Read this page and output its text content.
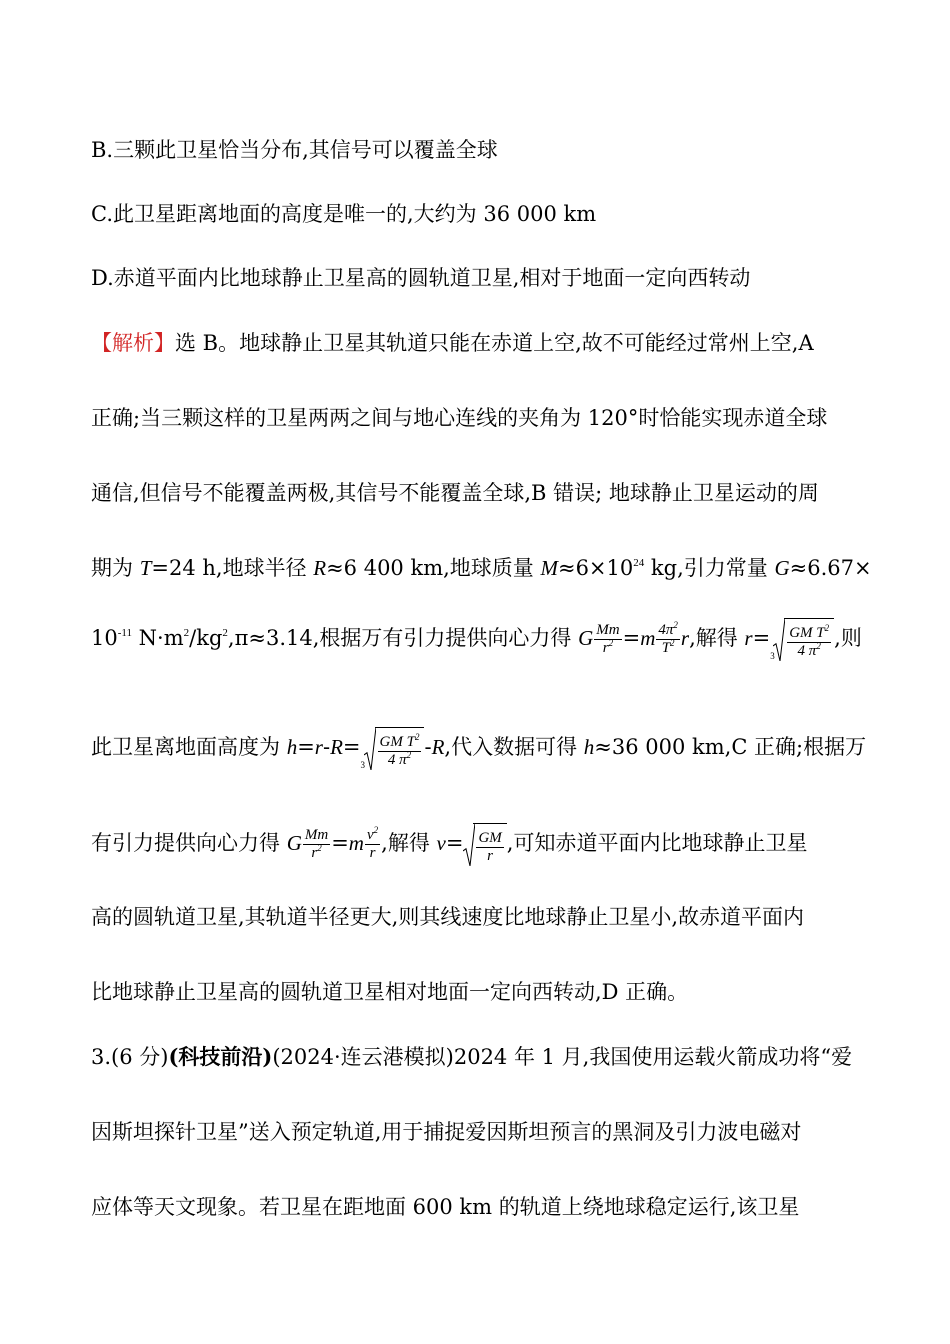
B.三颗此卫星恰当分布,其信号可以覆盖全球
C.此卫星距离地面的高度是唯一的,大约为 36 000 km
D.赤道平面内比地球静止卫星高的圆轨道卫星,相对于地面一定向西转动
【解析】选 B。地球静止卫星其轨道只能在赤道上空,故不可能经过常州上空,A
正确;当三颗这样的卫星两两之间与地心连线的夹角为 120°时恰能实现赤道全球
通信,但信号不能覆盖两极,其信号不能覆盖全球,B 错误; 地球静止卫星运动的周
期为 T=24 h,地球半径 R≈6 400 km,地球质量 $M\approx 6\times 10^{24}$ kg,引力常量 G≈6.67×
$10^{-11}$ $N\cdot m^2/kg^2,\pi\approx 3.14$,根据万有引力提供向心力得 G $\frac{Mm}{r^2} =m \frac{4\pi^2}{T^2} r$,解得 r=
$3 \frac{GM T^2}{4 \pi^2}$ ,则
此卫星离地面高度为 h=r-R=
$3 \frac{GM T^2}{4 \pi^2} -R$,代入数据可得 h≈36 000 km,C 正确;根据万
有引力提供向心力得 G $\frac{Mm}{r^2} =m \frac{v^2}{r}$ ,解得 $v= \frac{GM}{r}$ ,可知赤道平面内比地球静止卫星
高的圆轨道卫星,其轨道半径更大,则其线速度比地球静止卫星小,故赤道平面内
比地球静止卫星高的圆轨道卫星相对地面一定向西转动,D 正确。
3.(6 分)(科技前沿)(2024·连云港模拟)2024 年 1 月,我国使用运载火箭成功将“爱
因斯坦探针卫星”送入预定轨道,用于捕捉爱因斯坦预言的黑洞及引力波电磁对
应体等天文现象。若卫星在距地面 600 km 的轨道上绕地球稳定运行,该卫星
